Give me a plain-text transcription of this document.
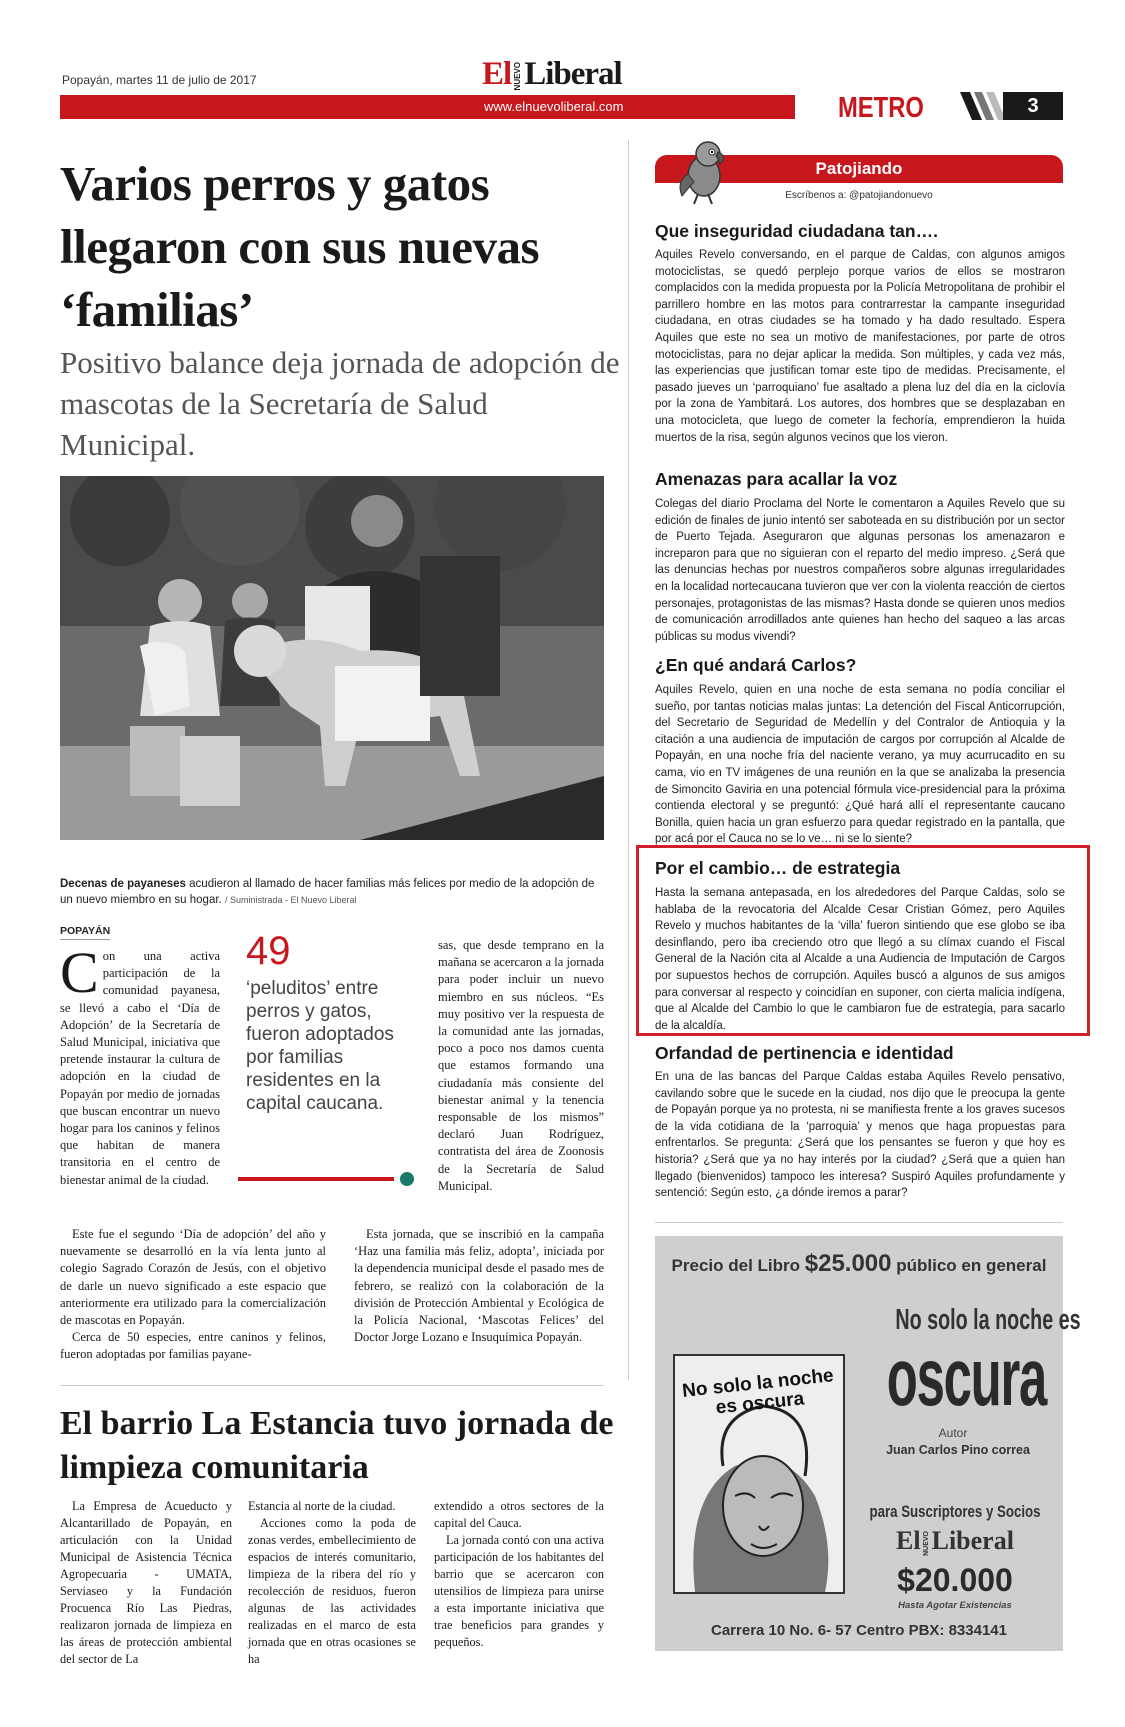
Popayán, martes 11 de julio de 2017	El NUEVOLiberal
www.elnuevoliberal.com	METRO	3
Varios perros y gatos llegaron con sus nuevas ‘familias’
Positivo balance deja jornada de adopción de mascotas de la Secretaría de Salud Municipal.
Decenas de payaneses acudieron al llamado de hacer familias más felices por medio de la adopción de un nuevo miembro en su hogar. / Suministrada - El Nuevo Liberal
POPAYÁN

Con una activa participación de la comunidad payanesa, se llevó a cabo el ‘Día de Adopción’ de la Secretaría de Salud Municipal, iniciativa que pretende instaurar la cultura de adopción en la ciudad de Popayán por medio de jornadas que buscan encontrar un nuevo hogar para los caninos y felinos que habitan de manera transitoria en el centro de bienestar animal de la ciudad.

Este fue el segundo ‘Día de adopción’ del año y nuevamente se desarrolló en la vía lenta junto al colegio Sagrado Corazón de Jesús, con el objetivo de darle un nuevo significado a este espacio que anteriormente era utilizado para la comercialización de mascotas en Popayán.

Cerca de 50 especies, entre caninos y felinos, fueron adoptadas por familias payane-

49
‘peluditos’ entre perros y gatos, fueron adoptados por familias residentes en la capital caucana.

sas, que desde temprano en la mañana se acercaron a la jornada para poder incluir un nuevo miembro en sus núcleos. “Es muy positivo ver la respuesta de la comunidad ante las jornadas, poco a poco nos damos cuenta que estamos formando una ciudadanía más consiente del bienestar animal y la tenencia responsable de los mismos” declaró Juan Rodríguez, contratista del área de Zoonosis de la Secretaría de Salud Municipal.

Esta jornada, que se inscribió en la campaña ‘Haz una familia más feliz, adopta’, iniciada por la dependencia municipal desde el pasado mes de febrero, se realizó con la colaboración de la división de Protección Ambiental y Ecológica de la Policía Nacional, ‘Mascotas Felices’ del Doctor Jorge Lozano e Insuquímica Popayán.

El barrio La Estancia tuvo jornada de limpieza comunitaria

La Empresa de Acueducto y Alcantarillado de Popayán, en articulación con la Unidad Municipal de Asistencia Técnica Agropecuaria - UMATA, Serviaseo y la Fundación Procuenca Río Las Piedras, realizaron jornada de limpieza en las áreas de protección ambiental del sector de La

Estancia al norte de la ciudad.

Acciones como la poda de zonas verdes, embellecimiento de espacios de interés comunitario, limpieza de la ribera del río y recolección de residuos, fueron algunas de las actividades realizadas en el marco de esta jornada que en otras ocasiones se ha

extendido a otros sectores de la capital del Cauca.

La jornada contó con una activa participación de los habitantes del barrio que se acercaron con utensilios de limpieza para unirse a esta importante iniciativa que trae beneficios para grandes y pequeños.

Patojiando
Escríbenos a: @patojiandonuevo
Que inseguridad ciudadana tan….
Aquiles Revelo conversando, en el parque de Caldas, con algunos amigos motociclistas, se quedó perplejo porque varios de ellos se mostraron complacidos con la medida propuesta por la Policía Metropolitana de prohibir el parrillero hombre en las motos para contrarrestar la campante inseguridad ciudadana, en otras ciudades se ha tomado y ha dado resultado. Espera Aquiles que este no sea un motivo de manifestaciones, por parte de otros motociclistas, para no dejar aplicar la medida. Son múltiples, y cada vez más, las experiencias que justifican tomar este tipo de medidas. Precisamente, el pasado jueves un ‘parroquiano’ fue asaltado a plena luz del día en la ciclovía por la zona de Yambitará. Los autores, dos hombres que se desplazaban en una motocicleta, que luego de cometer la fechoría, emprendieron la huida muertos de la risa, según algunos vecinos que los vieron.
Amenazas para acallar la voz
Colegas del diario Proclama del Norte le comentaron a Aquiles Revelo que su edición de finales de junio intentó ser saboteada en su distribución por un sector de Puerto Tejada. Aseguraron que algunas personas los amenazaron e increparon para que no siguieran con el reparto del medio impreso. ¿Será que las denuncias hechas por nuestros compañeros sobre algunas irregularidades en la localidad nortecaucana tuvieron que ver con la violenta reacción de ciertos personajes, protagonistas de las mismas? Hasta donde se quieren unos medios de comunicación arrodillados ante quienes han hecho del saqueo a las arcas públicas su modus vivendi?
¿En qué andará Carlos?
Aquiles Revelo, quien en una noche de esta semana no podía conciliar el sueño, por tantas noticias malas juntas: La detención del Fiscal Anticorrupción, del Secretario de Seguridad de Medellín y del Contralor de Antioquia y la citación a una audiencia de imputación de cargos por corrupción al Alcalde de Popayán, en una noche fría del naciente verano, ya muy acurrucadito en su cama, vio en TV imágenes de una reunión en la que se analizaba la presencia de Simoncito Gaviria en una potencial fórmula vice-presidencial para la próxima contienda electoral y se preguntó: ¿Qué hará allí el representante caucano Bonilla, quien hacia un gran esfuerzo para quedar registrado en la pantalla, que por acá por el Cauca no se lo ve… ni se lo siente?
Por el cambio… de estrategia
Hasta la semana antepasada, en los alrededores del Parque Caldas, solo se hablaba de la revocatoria del Alcalde Cesar Cristian Gómez, pero Aquiles Revelo y muchos habitantes de la ‘villa’ fueron sintiendo que ese globo se iba desinflando, pero iba creciendo otro que llegó a su clímax cuando el Fiscal General de la Nación cita al Alcalde a una Audiencia de Imputación de Cargos por supuestos hechos de corrupción. Aquiles buscó a algunos de sus amigos para conversar al respecto y coincidían en suponer, con cierta malicia indígena, que al Alcalde del Cambio lo que le cambiaron fue de estrategia, para sacarlo de la alcaldía.
Orfandad de pertinencia e identidad
En una de las bancas del Parque Caldas estaba Aquiles Revelo pensativo, cavilando sobre que le sucede en la ciudad, nos dijo que le preocupa la gente de Popayán porque ya no protesta, ni se manifiesta frente a los graves sucesos de la vida cotidiana de la ‘parroquia’ y menos que haga propuestas para enfrentarlos. Se pregunta: ¿Será que los pensantes se fueron y que hoy es historia? ¿Será que ya no hay interés por la ciudad? ¿Será que a quien han llegado (bienvenidos) tampoco les interesa? Suspiró Aquiles profundamente y sentenció: Según esto, ¿a dónde iremos a parar?
Precio del Libro $25.000 público en general
No solo la noche es oscura
No solo la noche es
oscura
Autor
Juan Carlos Pino correa
para Suscriptores y Socios
El NUEVOLiberal
$20.000
Hasta Agotar Existencias
Carrera 10 No. 6- 57 Centro PBX: 8334141
